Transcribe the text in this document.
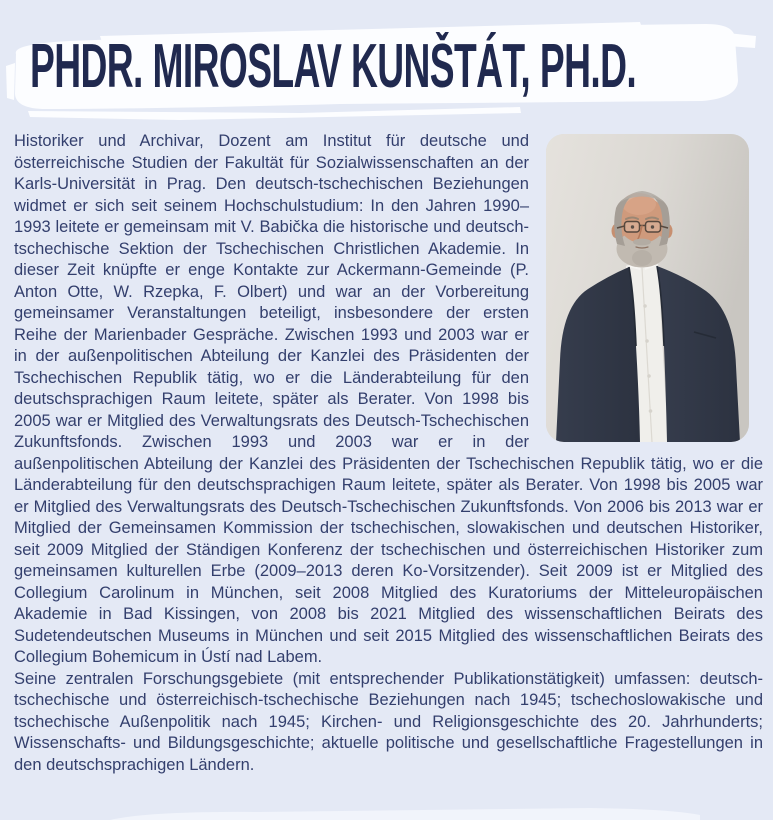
PHDR. MIROSLAV KUNŠTÁT, PH.D.

Historiker und Archivar, Dozent am Institut für deutsche und österreichische Studien der Fakultät für Sozialwissenschaften an der Karls-Universität in Prag. Den deutsch-tschechischen Beziehungen widmet er sich seit seinem Hochschulstudium: In den Jahren 1990–1993 leitete er gemeinsam mit V. Babička die historische und deutsch-tschechische Sektion der Tschechischen Christlichen Akademie. In dieser Zeit knüpfte er enge Kontakte zur Ackermann-Gemeinde (P. Anton Otte, W. Rzepka, F. Olbert) und war an der Vorbereitung gemeinsamer Veranstaltungen beteiligt, insbesondere der ersten Reihe der Marienbader Gespräche. Zwischen 1993 und 2003 war er in der außenpolitischen Abteilung der Kanzlei des Präsidenten der Tschechischen Republik tätig, wo er die Länderabteilung für den deutschsprachigen Raum leitete, später als Berater. Von 1998 bis 2005 war er Mitglied des Verwaltungsrats des Deutsch-Tschechischen Zukunftsfonds. Zwischen 1993 und 2003 war er in der außenpolitischen Abteilung der Kanzlei des Präsidenten der Tschechischen Republik tätig, wo er die Länderabteilung für den deutschsprachigen Raum leitete, später als Berater. Von 1998 bis 2005 war er Mitglied des Verwaltungsrats des Deutsch-Tschechischen Zukunftsfonds. Von 2006 bis 2013 war er Mitglied der Gemeinsamen Kommission der tschechischen, slowakischen und deutschen Historiker, seit 2009 Mitglied der Ständigen Konferenz der tschechischen und österreichischen Historiker zum gemeinsamen kulturellen Erbe (2009–2013 deren Ko-Vorsitzender). Seit 2009 ist er Mitglied des Collegium Carolinum in München, seit 2008 Mitglied des Kuratoriums der Mitteleuropäischen Akademie in Bad Kissingen, von 2008 bis 2021 Mitglied des wissenschaftlichen Beirats des Sudetendeutschen Museums in München und seit 2015 Mitglied des wissenschaftlichen Beirats des Collegium Bohemicum in Ústí nad Labem.

Seine zentralen Forschungsgebiete (mit entsprechender Publikationstätigkeit) umfassen: deutsch-tschechische und österreichisch-tschechische Beziehungen nach 1945; tschechoslowakische und tschechische Außenpolitik nach 1945; Kirchen- und Religionsgeschichte des 20. Jahrhunderts; Wissenschafts- und Bildungsgeschichte; aktuelle politische und gesellschaftliche Fragestellungen in den deutschsprachigen Ländern.
